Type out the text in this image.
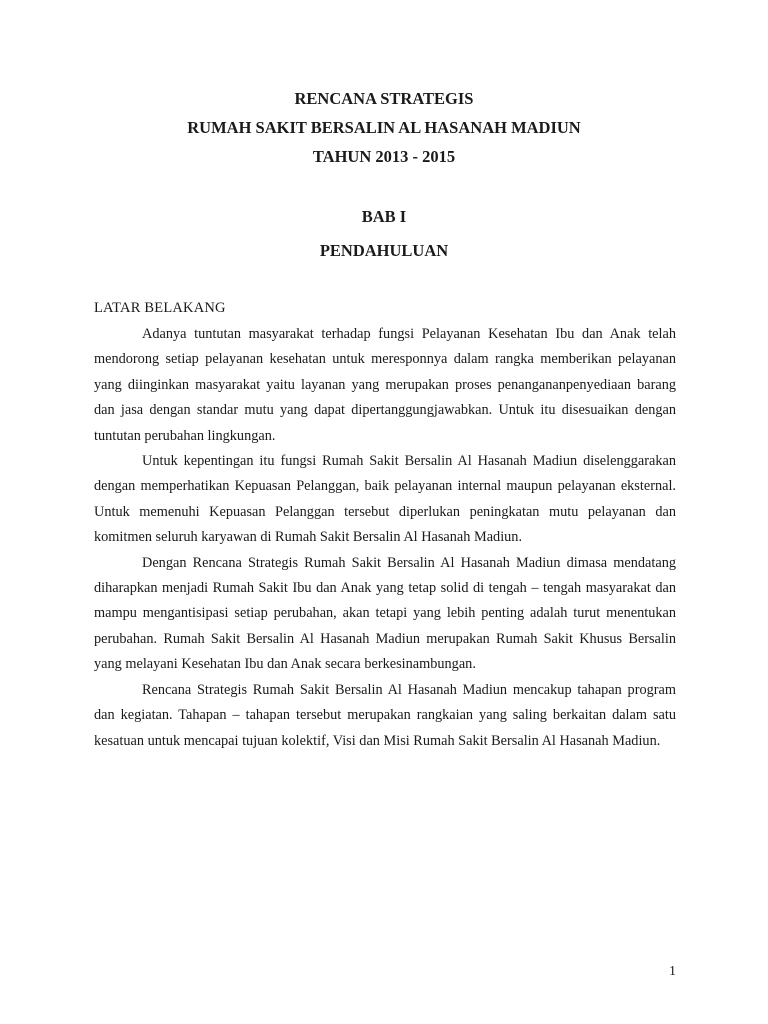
RENCANA STRATEGIS
RUMAH SAKIT BERSALIN AL HASANAH MADIUN
TAHUN 2013 - 2015
BAB I
PENDAHULUAN
LATAR BELAKANG

Adanya tuntutan masyarakat terhadap fungsi Pelayanan Kesehatan Ibu dan Anak telah mendorong setiap pelayanan kesehatan untuk meresponnya dalam rangka memberikan pelayanan yang diinginkan masyarakat yaitu layanan yang merupakan proses penangananpenyediaan barang dan jasa dengan standar mutu yang dapat dipertanggungjawabkan. Untuk itu disesuaikan dengan tuntutan perubahan lingkungan.

Untuk kepentingan itu fungsi Rumah Sakit Bersalin Al Hasanah Madiun diselenggarakan dengan memperhatikan Kepuasan Pelanggan, baik pelayanan internal maupun pelayanan eksternal. Untuk memenuhi Kepuasan Pelanggan tersebut diperlukan peningkatan mutu pelayanan dan komitmen seluruh karyawan di Rumah Sakit Bersalin Al Hasanah Madiun.

Dengan Rencana Strategis Rumah Sakit Bersalin Al Hasanah Madiun dimasa mendatang diharapkan menjadi Rumah Sakit Ibu dan Anak yang tetap solid di tengah – tengah masyarakat dan mampu mengantisipasi setiap perubahan, akan tetapi yang lebih penting adalah turut menentukan perubahan. Rumah Sakit Bersalin Al Hasanah Madiun merupakan Rumah Sakit Khusus Bersalin yang melayani Kesehatan Ibu dan Anak secara berkesinambungan.

Rencana Strategis Rumah Sakit Bersalin Al Hasanah Madiun mencakup tahapan program dan kegiatan. Tahapan – tahapan tersebut merupakan rangkaian yang saling berkaitan dalam satu kesatuan untuk mencapai tujuan kolektif, Visi dan Misi Rumah Sakit Bersalin Al Hasanah Madiun.

1
